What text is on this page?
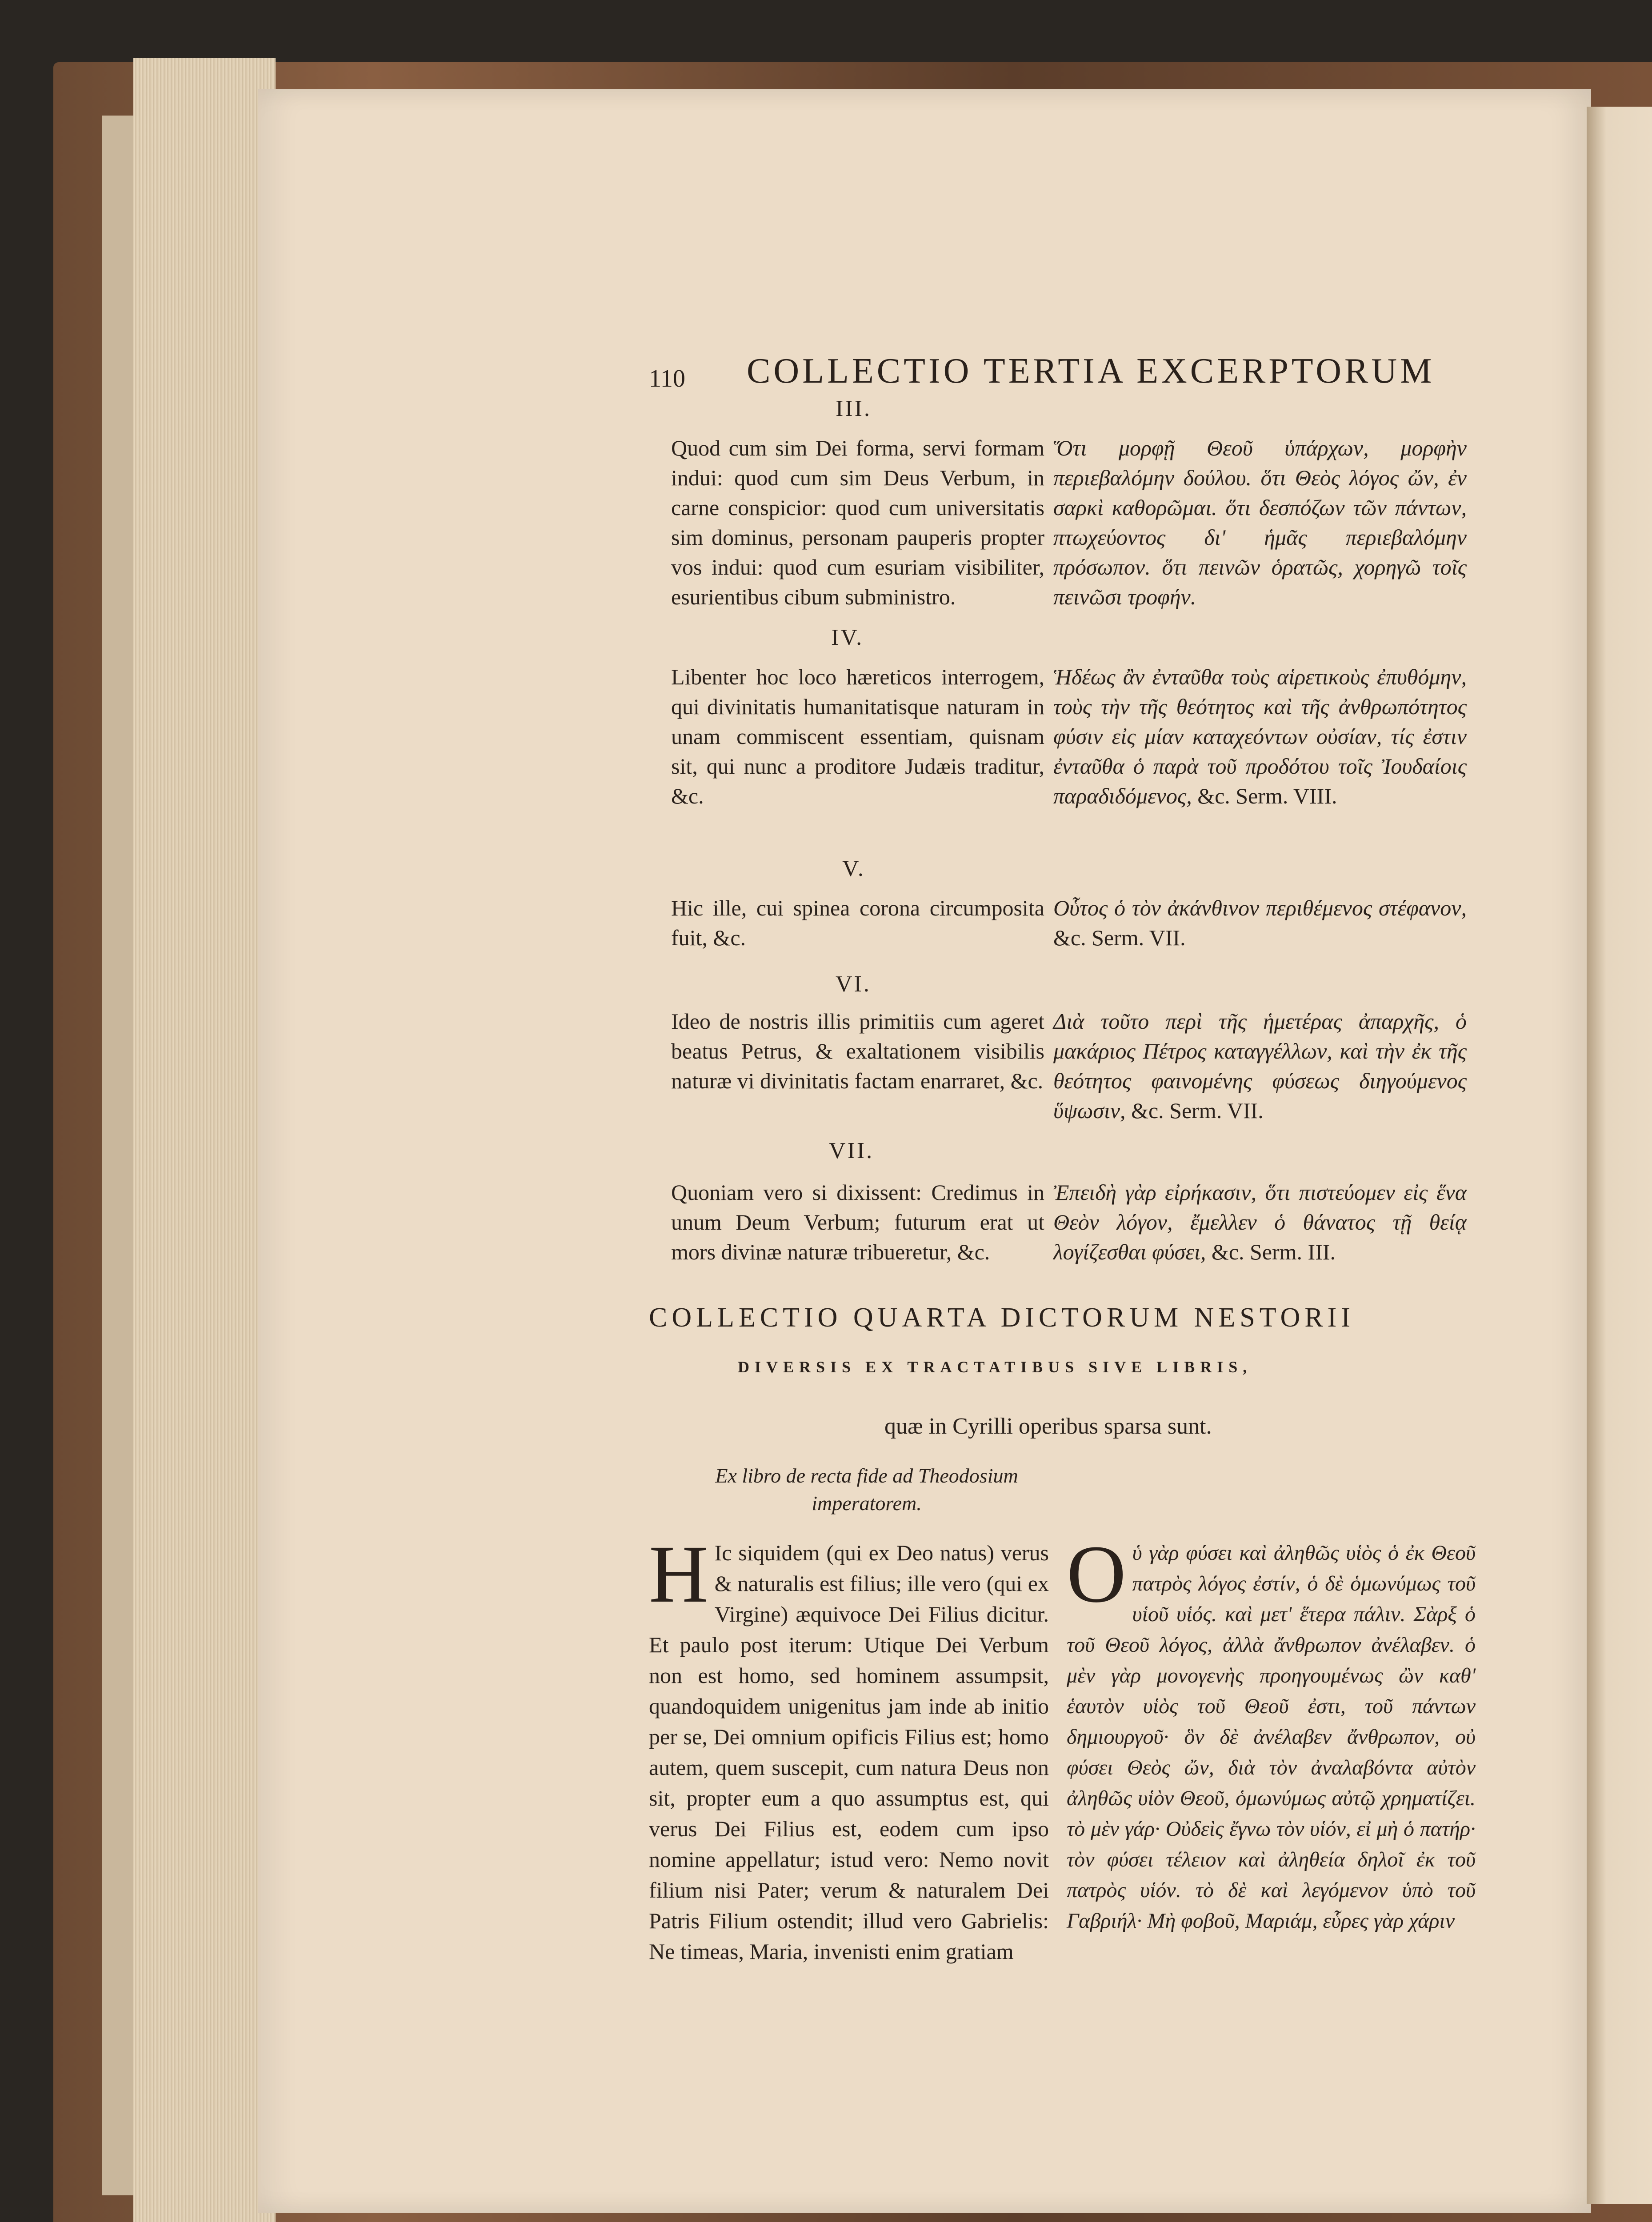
110 COLLECTIO TERTIA EXCERPTORUM
III.
Quod cum sim Dei forma, servi formam indui: quod cum sim Deus Verbum, in carne conspicior: quod cum universitatis sim dominus, personam pauperis propter vos indui: quod cum esuriam visibiliter, esurientibus cibum subministro.
Ὅτι μορφῇ Θεοῦ ὑπάρχων, μορφὴν περιεβαλόμην δούλου. ὅτι Θεὸς λόγος ὤν, ἐν σαρκὶ καθορῶμαι. ὅτι δεσπόζων τῶν πάντων, πτωχεύοντος δι' ἡμᾶς περιεβαλόμην πρόσωπον. ὅτι πεινῶν ὁρατῶς, χορηγῶ τοῖς πεινῶσι τροφήν.
IV.
Libenter hoc loco hæreticos interrogem, qui divinitatis humanitatisque naturam in unam commiscent essentiam, quisnam sit, qui nunc a proditore Judæis traditur, &c.
Ἡδέως ἂν ἐνταῦθα τοὺς αἱρετικοὺς ἐπυθόμην, τοὺς τὴν τῆς θεότητος καὶ τῆς ἀνθρωπότητος φύσιν εἰς μίαν καταχεόντων οὐσίαν, τίς ἐστιν ἐνταῦθα ὁ παρὰ τοῦ προδότου τοῖς Ἰουδαίοις παραδιδόμενος, &c. Serm. VIII.
V.
Hic ille, cui spinea corona circumposita fuit, &c.
Οὗτος ὁ τὸν ἀκάνθινον περιθέμενος στέφανον, &c. Serm. VII.
VI.
Ideo de nostris illis primitiis cum ageret beatus Petrus, & exaltationem visibilis naturæ vi divinitatis factam enarraret, &c.
Διὰ τοῦτο περὶ τῆς ἡμετέρας ἀπαρχῆς, ὁ μακάριος Πέτρος καταγγέλλων, καὶ τὴν ἐκ τῆς θεότητος φαινομένης φύσεως διηγούμενος ὕψωσιν, &c. Serm. VII.
VII.
Quoniam vero si dixissent: Credimus in unum Deum Verbum; futurum erat ut mors divinæ naturæ tribueretur, &c.
Ἐπειδὴ γὰρ εἰρήκασιν, ὅτι πιστεύομεν εἰς ἕνα Θεὸν λόγον, ἔμελλεν ὁ θάνατος τῇ θείᾳ λογίζεσθαι φύσει, &c. Serm. III.
COLLECTIO QUARTA DICTORUM NESTORII
DIVERSIS EX TRACTATIBUS SIVE LIBRIS,
quæ in Cyrilli operibus sparsa sunt.
Ex libro de recta fide ad Theodosium imperatorem.
H Ic siquidem (qui ex Deo natus) verus & naturalis est filius; ille vero (qui ex Virgine) æquivoce Dei Filius dicitur. Et paulo post iterum: Utique Dei Verbum non est homo, sed hominem assumpsit, quandoquidem unigenitus jam inde ab initio per se, Dei omnium opificis Filius est; homo autem, quem suscepit, cum natura Deus non sit, propter eum a quo assumptus est, qui verus Dei Filius est, eodem cum ipso nomine appellatur; istud vero: Nemo novit filium nisi Pater; verum & naturalem Dei Patris Filium ostendit; illud vero Gabrielis: Ne timeas, Maria, invenisti enim gratiam
O ὑ γὰρ φύσει καὶ ἀληθῶς υἱὸς ὁ ἐκ Θεοῦ πατρὸς λόγος ἐστίν, ὁ δὲ ὁμωνύμως τοῦ υἱοῦ υἱός. καὶ μετ' ἕτερα πάλιν. Σὰρξ ὁ τοῦ Θεοῦ λόγος, ἀλλὰ ἄνθρωπον ἀνέλαβεν. ὁ μὲν γὰρ μονογενὴς προηγουμένως ὢν καθ' ἑαυτὸν υἱὸς τοῦ Θεοῦ ἐστι, τοῦ πάντων δημιουργοῦ· ὃν δὲ ἀνέλαβεν ἄνθρωπον, οὐ φύσει Θεὸς ὤν, διὰ τὸν ἀναλαβόντα αὐτὸν ἀληθῶς υἱὸν Θεοῦ, ὁμωνύμως αὐτῷ χρηματίζει. τὸ μὲν γάρ· Οὐδεὶς ἔγνω τὸν υἱόν, εἰ μὴ ὁ πατήρ· τὸν φύσει τέλειον καὶ ἀληθεία δηλοῖ ἐκ τοῦ πατρὸς υἱόν. τὸ δὲ καὶ λεγόμενον ὑπὸ τοῦ Γαβριήλ· Μὴ φοβοῦ, Μαριάμ, εὗρες γὰρ χάριν
